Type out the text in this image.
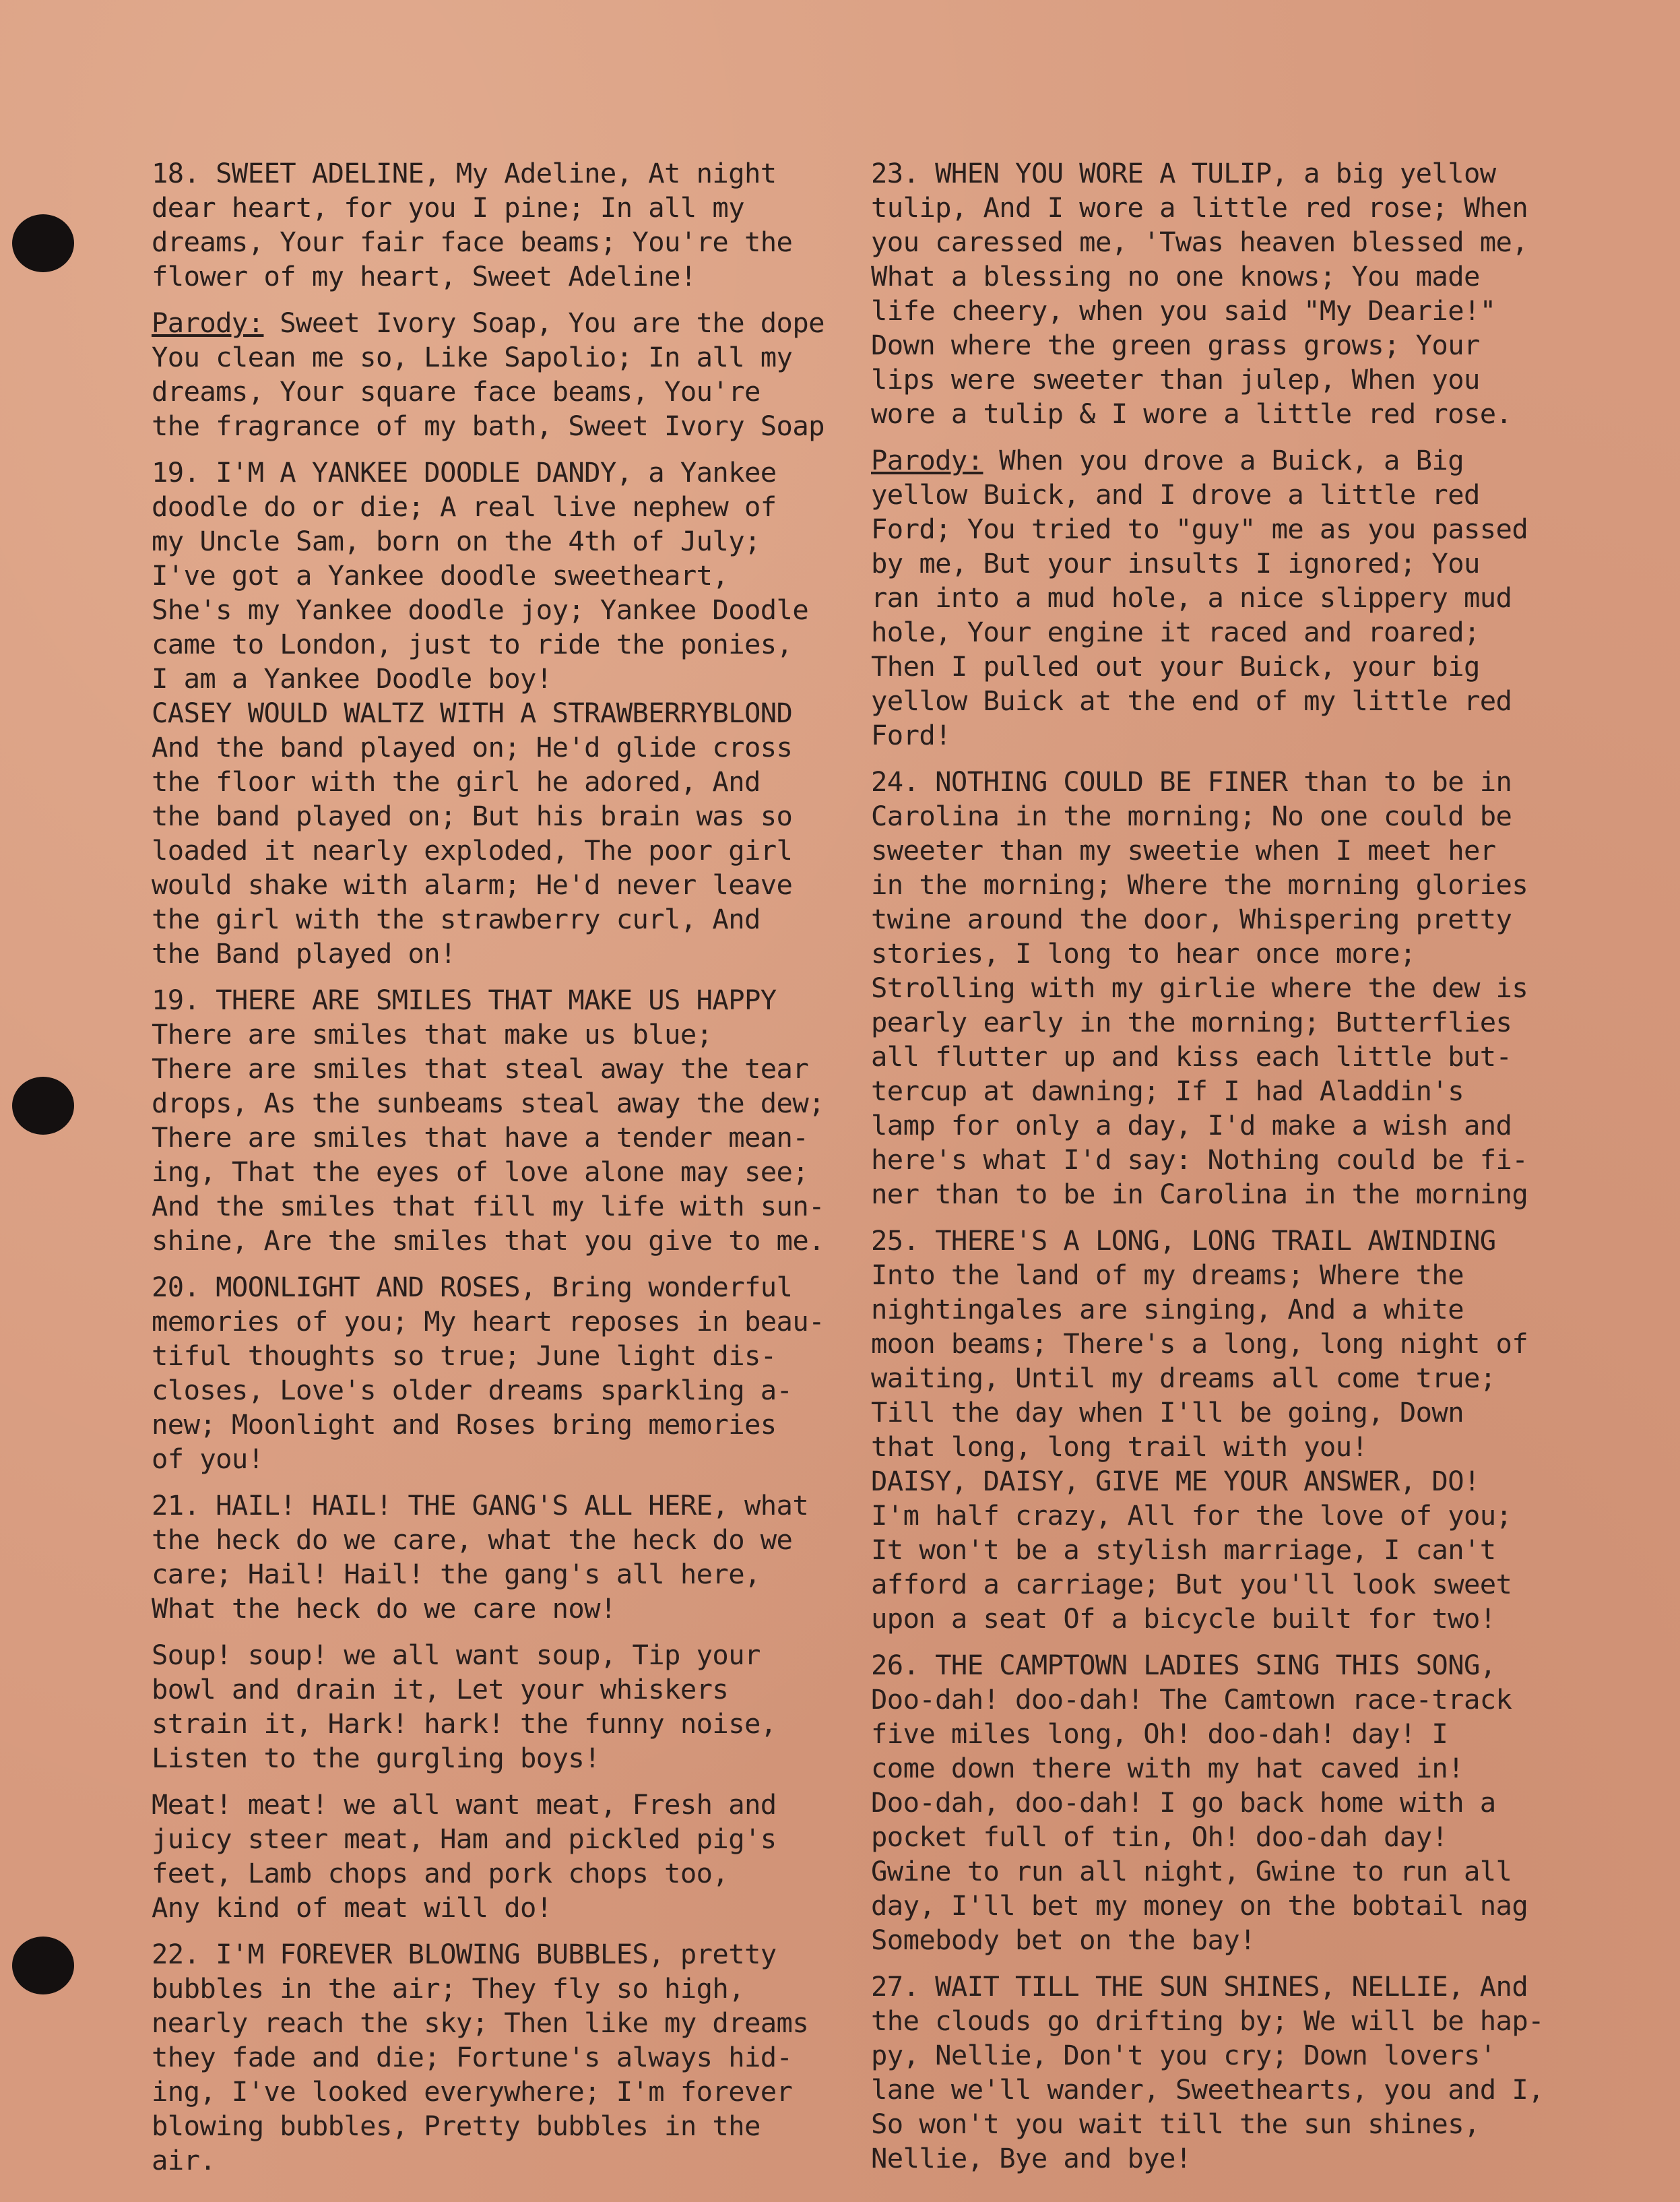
18. SWEET ADELINE, My Adeline, At night
dear heart, for you I pine; In all my
dreams, Your fair face beams; You're the
flower of my heart, Sweet Adeline!
Parody: Sweet Ivory Soap, You are the dope
You clean me so, Like Sapolio; In all my
dreams, Your square face beams, You're
the fragrance of my bath, Sweet Ivory Soap
19. I'M A YANKEE DOODLE DANDY, a Yankee
doodle do or die; A real live nephew of
my Uncle Sam, born on the 4th of July;
I've got a Yankee doodle sweetheart,
She's my Yankee doodle joy; Yankee Doodle
came to London, just to ride the ponies,
I am a Yankee Doodle boy!
CASEY WOULD WALTZ WITH A STRAWBERRYBLOND
And the band played on; He'd glide cross
the floor with the girl he adored, And
the band played on; But his brain was so
loaded it nearly exploded, The poor girl
would shake with alarm; He'd never leave
the girl with the strawberry curl, And
the Band played on!
19. THERE ARE SMILES THAT MAKE US HAPPY
There are smiles that make us blue;
There are smiles that steal away the tear
drops, As the sunbeams steal away the dew;
There are smiles that have a tender mean-
ing, That the eyes of love alone may see;
And the smiles that fill my life with sun-
shine, Are the smiles that you give to me.
20. MOONLIGHT AND ROSES, Bring wonderful
memories of you; My heart reposes in beau-
tiful thoughts so true; June light dis-
closes, Love's older dreams sparkling a-
new; Moonlight and Roses bring memories
of you!
21. HAIL! HAIL! THE GANG'S ALL HERE, what
the heck do we care, what the heck do we
care; Hail! Hail! the gang's all here,
What the heck do we care now!
Soup! soup! we all want soup, Tip your
bowl and drain it, Let your whiskers
strain it, Hark! hark! the funny noise,
Listen to the gurgling boys!
Meat! meat! we all want meat, Fresh and
juicy steer meat, Ham and pickled pig's
feet, Lamb chops and pork chops too,
Any kind of meat will do!
22. I'M FOREVER BLOWING BUBBLES, pretty
bubbles in the air; They fly so high,
nearly reach the sky; Then like my dreams
they fade and die; Fortune's always hid-
ing, I've looked everywhere; I'm forever
blowing bubbles, Pretty bubbles in the
air.
23. WHEN YOU WORE A TULIP, a big yellow
tulip, And I wore a little red rose; When
you caressed me, 'Twas heaven blessed me,
What a blessing no one knows; You made
life cheery, when you said "My Dearie!"
Down where the green grass grows; Your
lips were sweeter than julep, When you
wore a tulip & I wore a little red rose.
Parody: When you drove a Buick, a Big
yellow Buick, and I drove a little red
Ford; You tried to "guy" me as you passed
by me, But your insults I ignored; You
ran into a mud hole, a nice slippery mud
hole, Your engine it raced and roared;
Then I pulled out your Buick, your big
yellow Buick at the end of my little red
Ford!
24. NOTHING COULD BE FINER than to be in
Carolina in the morning; No one could be
sweeter than my sweetie when I meet her
in the morning; Where the morning glories
twine around the door, Whispering pretty
stories, I long to hear once more;
Strolling with my girlie where the dew is
pearly early in the morning; Butterflies
all flutter up and kiss each little but-
tercup at dawning; If I had Aladdin's
lamp for only a day, I'd make a wish and
here's what I'd say: Nothing could be fi-
ner than to be in Carolina in the morning
25. THERE'S A LONG, LONG TRAIL AWINDING
Into the land of my dreams; Where the
nightingales are singing, And a white
moon beams; There's a long, long night of
waiting, Until my dreams all come true;
Till the day when I'll be going, Down
that long, long trail with you!
DAISY, DAISY, GIVE ME YOUR ANSWER, DO!
I'm half crazy, All for the love of you;
It won't be a stylish marriage, I can't
afford a carriage; But you'll look sweet
upon a seat Of a bicycle built for two!
26. THE CAMPTOWN LADIES SING THIS SONG,
Doo-dah! doo-dah! The Camtown race-track
five miles long, Oh! doo-dah! day! I
come down there with my hat caved in!
Doo-dah, doo-dah! I go back home with a
pocket full of tin, Oh! doo-dah day!
Gwine to run all night, Gwine to run all
day, I'll bet my money on the bobtail nag
Somebody bet on the bay!
27. WAIT TILL THE SUN SHINES, NELLIE, And
the clouds go drifting by; We will be hap-
py, Nellie, Don't you cry; Down lovers'
lane we'll wander, Sweethearts, you and I,
So won't you wait till the sun shines,
Nellie, Bye and bye!
